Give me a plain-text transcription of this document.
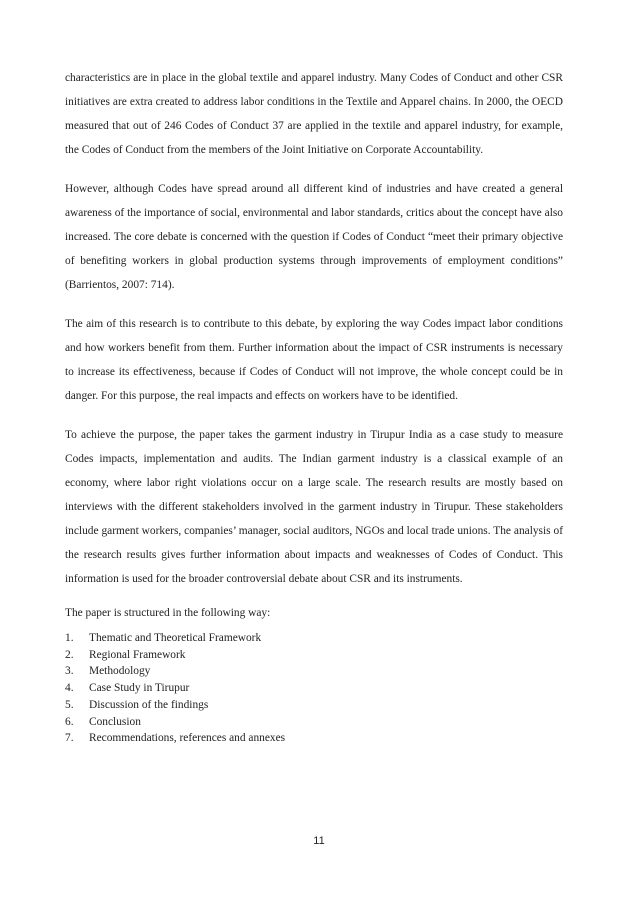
characteristics are in place in the global textile and apparel industry. Many Codes of Conduct and other CSR initiatives are extra created to address labor conditions in the Textile and Apparel chains. In 2000, the OECD measured that out of 246 Codes of Conduct 37 are applied in the textile and apparel industry, for example, the Codes of Conduct from the members of the Joint Initiative on Corporate Accountability.

However, although Codes have spread around all different kind of industries and have created a general awareness of the importance of social, environmental and labor standards, critics about the concept have also increased. The core debate is concerned with the question if Codes of Conduct “meet their primary objective of benefiting workers in global production systems through improvements of employment conditions” (Barrientos, 2007: 714).

The aim of this research is to contribute to this debate, by exploring the way Codes impact labor conditions and how workers benefit from them. Further information about the impact of CSR instruments is necessary to increase its effectiveness, because if Codes of Conduct will not improve, the whole concept could be in danger. For this purpose, the real impacts and effects on workers have to be identified.

To achieve the purpose, the paper takes the garment industry in Tirupur India as a case study to measure Codes impacts, implementation and audits. The Indian garment industry is a classical example of an economy, where labor right violations occur on a large scale. The research results are mostly based on interviews with the different stakeholders involved in the garment industry in Tirupur. These stakeholders include garment workers, companies’ manager, social auditors, NGOs and local trade unions. The analysis of the research results gives further information about impacts and weaknesses of Codes of Conduct. This information is used for the broader controversial debate about CSR and its instruments.

The paper is structured in the following way:

1.	Thematic and Theoretical Framework
2.	Regional Framework
3.	Methodology
4.	Case Study in Tirupur
5.	Discussion of the findings
6.	Conclusion
7.	Recommendations, references and annexes
11
